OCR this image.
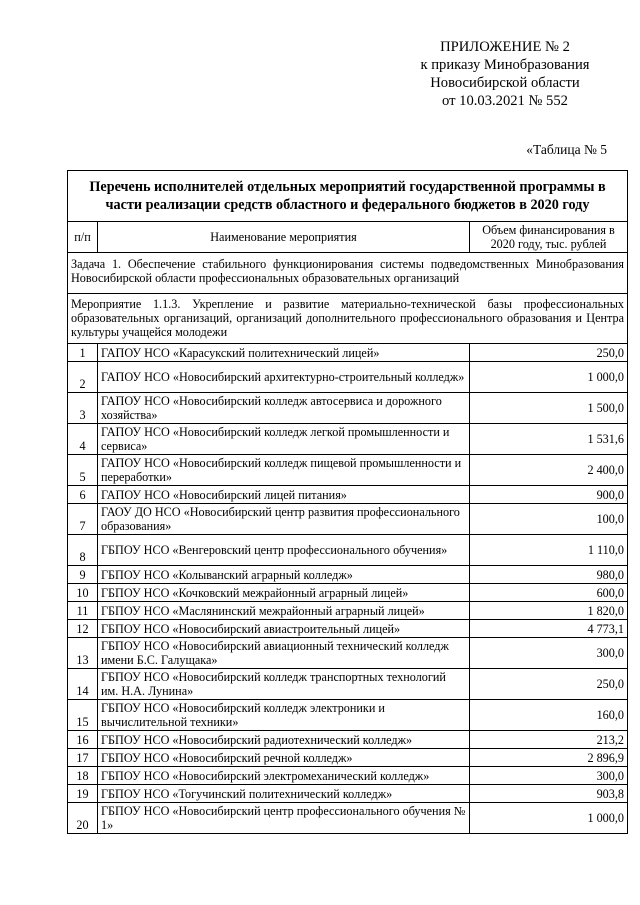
ПРИЛОЖЕНИЕ № 2
к приказу Минобразования
Новосибирской области
от 10.03.2021 № 552
«Таблица № 5
Перечень исполнителей отдельных мероприятий государственной программы в части реализации средств областного и федерального бюджетов в 2020 году		
п/п	Наименование мероприятия	Объем финансирования в 2020 году, тыс. рублей
Задача 1. Обеспечение стабильного функционирования системы подведомственных Минобразования Новосибирской области профессиональных образовательных организаций		
Мероприятие 1.1.3. Укрепление и развитие материально-технической базы профессиональных образовательных организаций, организаций дополнительного профессионального образования и Центра культуры учащейся молодежи		
1	ГАПОУ НСО «Карасукский политехнический лицей»	250,0
2	ГАПОУ НСО «Новосибирский архитектурно-строительный колледж»	1 000,0
3	ГАПОУ НСО «Новосибирский колледж автосервиса и дорожного хозяйства»	1 500,0
4	ГАПОУ НСО «Новосибирский колледж легкой промышленности и сервиса»	1 531,6
5	ГАПОУ НСО «Новосибирский колледж пищевой промышленности и переработки»	2 400,0
6	ГАПОУ НСО «Новосибирский лицей питания»	900,0
7	ГАОУ ДО НСО «Новосибирский центр развития профессионального образования»	100,0
8	ГБПОУ НСО «Венгеровский центр профессионального обучения»	1 110,0
9	ГБПОУ НСО «Колыванский аграрный колледж»	980,0
10	ГБПОУ НСО «Кочковский межрайонный аграрный лицей»	600,0
11	ГБПОУ НСО «Маслянинский межрайонный аграрный лицей»	1 820,0
12	ГБПОУ НСО «Новосибирский авиастроительный лицей»	4 773,1
13	ГБПОУ НСО «Новосибирский авиационный технический колледж имени Б.С. Галущака»	300,0
14	ГБПОУ НСО «Новосибирский колледж транспортных технологий им. Н.А. Лунина»	250,0
15	ГБПОУ НСО «Новосибирский колледж электроники и вычислительной техники»	160,0
16	ГБПОУ НСО «Новосибирский радиотехнический колледж»	213,2
17	ГБПОУ НСО «Новосибирский речной колледж»	2 896,9
18	ГБПОУ НСО «Новосибирский электромеханический колледж»	300,0
19	ГБПОУ НСО «Тогучинский политехнический колледж»	903,8
20	ГБПОУ НСО «Новосибирский центр профессионального обучения № 1»	1 000,0
